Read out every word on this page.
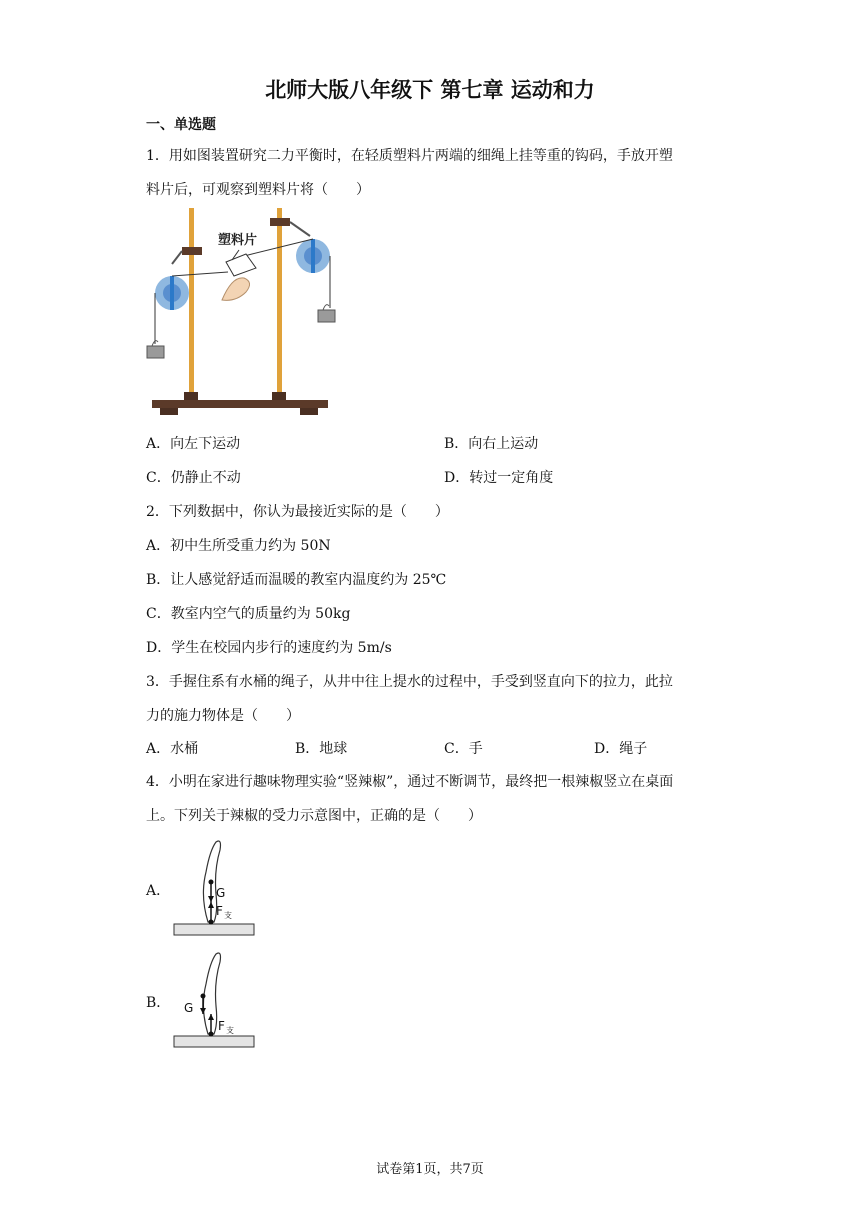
北师大版八年级下 第七章 运动和力
一、单选题
1．用如图装置研究二力平衡时，在轻质塑料片两端的细绳上挂等重的钩码，手放开塑
料片后，可观察到塑料片将（　　）
塑料片
A．向左下运动	B．向右上运动
C．仍静止不动	D．转过一定角度
2．下列数据中，你认为最接近实际的是（　　）
A．初中生所受重力约为 50N
B．让人感觉舒适而温暖的教室内温度约为 25℃
C．教室内空气的质量约为 50kg
D．学生在校园内步行的速度约为 5m/s
3．手握住系有水桶的绳子，从井中往上提水的过程中，手受到竖直向下的拉力，此拉
力的施力物体是（　　）
A．水桶	B．地球	C．手	D．绳子
4．小明在家进行趣味物理实验“竖辣椒”，通过不断调节，最终把一根辣椒竖立在桌面
上。下列关于辣椒的受力示意图中，正确的是（　　）
A．	G
F 支
B． G
F 支
试卷第1页，共7页
